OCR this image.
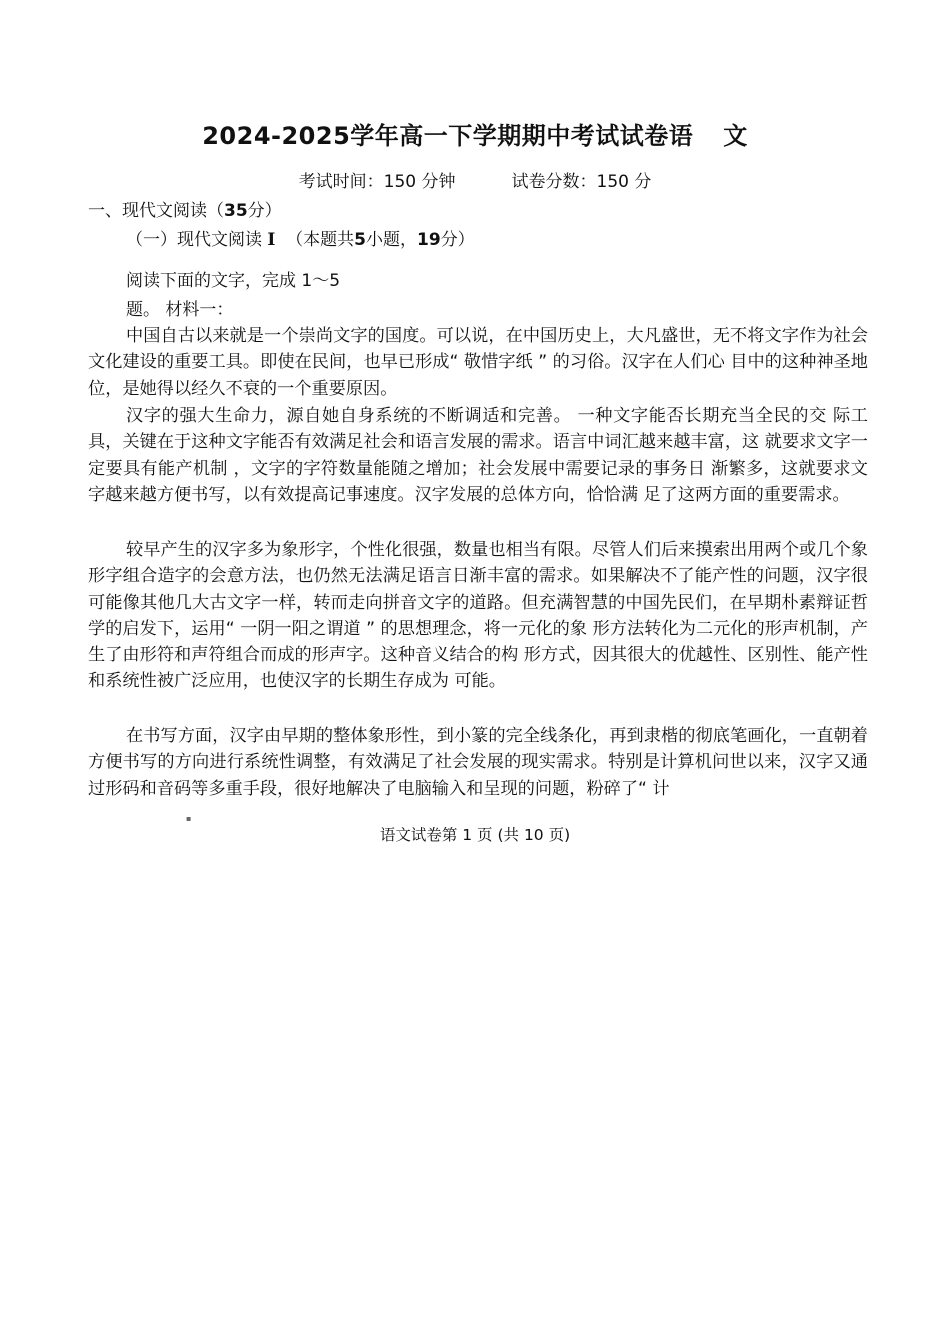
2024-2025学年高一下学期期中考试试卷语 文
考试时间：150 分钟	试卷分数：150 分
一、现代文阅读（35分）
（一）现代文阅读 I （本题共5小题，19分）
阅读下面的文字，完成 1～5
题。 材料一：
中国自古以来就是一个崇尚文字的国度。可以说，在中国历史上，大凡盛世，无不将文字作为社会文化建设的重要工具。即使在民间，也早已形成“ 敬惜字纸 ” 的习俗。汉字在人们心 目中的这种神圣地位，是她得以经久不衰的一个重要原因。
汉字的强大生命力，源自她自身系统的不断调适和完善。 一种文字能否长期充当全民的交 际工具，关键在于这种文字能否有效满足社会和语言发展的需求。语言中词汇越来越丰富，这 就要求文字一定要具有能产机制 ，文字的字符数量能随之增加；社会发展中需要记录的事务日 渐繁多，这就要求文字越来越方便书写，以有效提高记事速度。汉字发展的总体方向，恰恰满 足了这两方面的重要需求。
较早产生的汉字多为象形字，个性化很强，数量也相当有限。尽管人们后来摸索出用两个或几个象形字组合造字的会意方法，也仍然无法满足语言日渐丰富的需求。如果解决不了能产性的问题，汉字很可能像其他几大古文字一样，转而走向拼音文字的道路。但充满智慧的中国先民们，在早期朴素辩证哲学的启发下，运用“ 一阴一阳之谓道 ” 的思想理念，将一元化的象 形方法转化为二元化的形声机制，产生了由形符和声符组合而成的形声字。这种音义结合的构 形方式，因其很大的优越性、区别性、能产性和系统性被广泛应用，也使汉字的长期生存成为 可能。
在书写方面，汉字由早期的整体象形性，到小篆的完全线条化，再到隶楷的彻底笔画化，一直朝着方便书写的方向进行系统性调整，有效满足了社会发展的现实需求。特别是计算机问世以来，汉字又通过形码和音码等多重手段，很好地解决了电脑输入和呈现的问题，粉碎了“ 计
▪
语文试卷第 1 页 (共 10 页)
